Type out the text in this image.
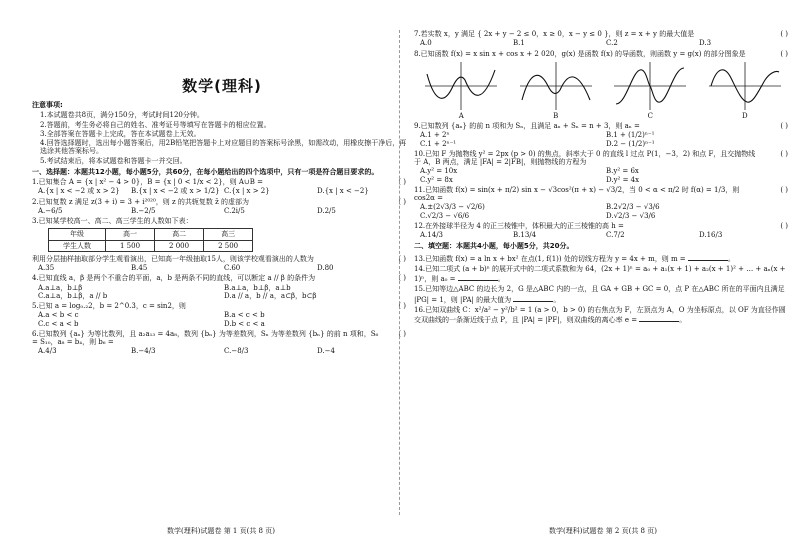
数学(理科)
注意事项:
1.本试题卷共8页，满分150分，考试时间120分钟。
2.答题前，考生务必将自己的姓名、准考证号等填写在答题卡的相应位置。
3.全部答案在答题卡上完成，答在本试题卷上无效。
4.回答选择题时，选出每小题答案后，用2B铅笔把答题卡上对应题目的答案标号涂黑，如需改动，用橡皮擦干净后，再选涂其他答案标号。
5.考试结束后，将本试题卷和答题卡一并交回。
一、选择题：本题共12小题，每小题5分，共60分，在每小题给出的四个选项中，只有一项是符合题目要求的。
1.已知集合 A = {x | x² − 4 > 0}，B = {x | 0 < 1/x < 2}，则 A∪B =	( )
A.{x | x < −2 或 x > 2}	B.{x | x < −2 或 x > 1/2} C.{x | x > 2}	D.{x | x < −2}
2.已知复数 z 满足 z(3 + i) = 3 + i²⁰²⁰，则 z 的共轭复数 z̄ 的虚部为	( )
A.−6/5	B.−2/5	C.2i/5	D.2/5
3.已知某学校高一、高二、高三学生的人数如下表：
年级	高一	高二	高三
学生人数	1 500	2 000	2 500
利用分层抽样抽取部分学生观看演出，已知高一年级抽取15人，则该学校观看演出的人数为	( )
A.35	B.45	C.60	D.80
4.已知直线 a，β 是两个不重合的平面，a，b 是两条不同的直线，可以断定 a // β 的条件为	( )
A.a⊥a，b⊥β	B.a⊥a，b⊥β，a⊥b
C.a⊥a，b⊥β，a // b	D.a // a，b // a，a⊂β，b⊂β
5.已知 a = log₀.₂2，b = 2^0.3，c = sin2，则	( )
A.a < b < c	B.a < c < b
C.c < a < b	D.b < c < a
6.已知数列 {aₙ} 为等比数列，且 a₂a₁₃ = 4a₈，数列 {bₙ} 为等差数列，Sₙ 为等差数列 {bₙ} 的前 n 项和，S₆ = S₁₀，a₈ = b₄，则 b₆ =
( )
A.4/3	B.−4/3	C.−8/3	D.−4
数学(理科)试题卷 第 1 页(共 8 页)
7.若实数 x，y 满足 { 2x + y − 2 ≤ 0，x ≥ 0，x − y ≤ 0 }，则 z = x + y 的最大值是	( )
A.0	B.1	C.2	D.3
8.已知函数 f(x) = x sin x + cos x + 2 020，g(x) 是函数 f(x) 的导函数，则函数 y = g(x) 的部分图象是	( )
A	B	C	D
9.已知数列 {aₙ} 的前 n 项和为 Sₙ，且满足 aₙ + Sₙ = n + 3，则 aₙ =	( )
A.1 + 2ⁿ	B.1 + (1/2)ⁿ⁻¹
C.1 + 2ⁿ⁻¹	D.2 − (1/2)ⁿ⁻¹
10.已知 F 为抛物线 y² = 2px (p > 0) 的焦点，斜率大于 0 的直线 l 过点 P(1，−3，2) 和点 F，且交抛物线于 A，B 两点，满足 |FA| = 2|FB|，则抛物线的方程为
( )
A.y² = 10x	B.y² = 6x
C.y² = 8x	D.y² = 4x
11.已知函数 f(x) = sin(x + π/2) sin x − √3cos²(π + x) − √3/2，当 0 < α < π/2 时 f(α) = 1/3，则 cos2α =
( )
A.±(2√3/3 − √2/6)	B.2√2/3 − √3/6
C.√2/3 − √6/6	D.√2/3 − √3/6
12.在外接球半径为 4 的正三棱锥中，体积最大的正三棱锥的高 h =	( )
A.14/3	B.13/4	C.7/2	D.16/3
二、填空题：本题共4小题，每小题5分，共20分。
13.已知函数 f(x) = a ln x + bx² 在点(1, f(1)) 处的切线方程为 y = 4x + m，则 m =	。
14.已知二项式 (a + b)ⁿ 的展开式中的二项式系数和为 64，(2x + 1)ⁿ = a₀ + a₁(x + 1) + a₂(x + 1)² + … + aₙ(x + 1)ⁿ，则 a₀ =	。
15.已知等边△ABC 的边长为 2，G 是△ABC 内的一点，且 GA + GB + GC = 0，点 P 在△ABC 所在的平面内且满足 |PG| = 1，则 |PA| 的最大值为	。
16.已知双曲线 C：x²/a² − y²/b² = 1 (a > 0，b > 0) 的右焦点为 F，左顶点为 A，O 为坐标原点，以 OF 为直径作圆交双曲线的一条渐近线于点 P，且 |PA| = |PF|，则双曲线的离心率 e =	。
数学(理科)试题卷 第 2 页(共 8 页)
